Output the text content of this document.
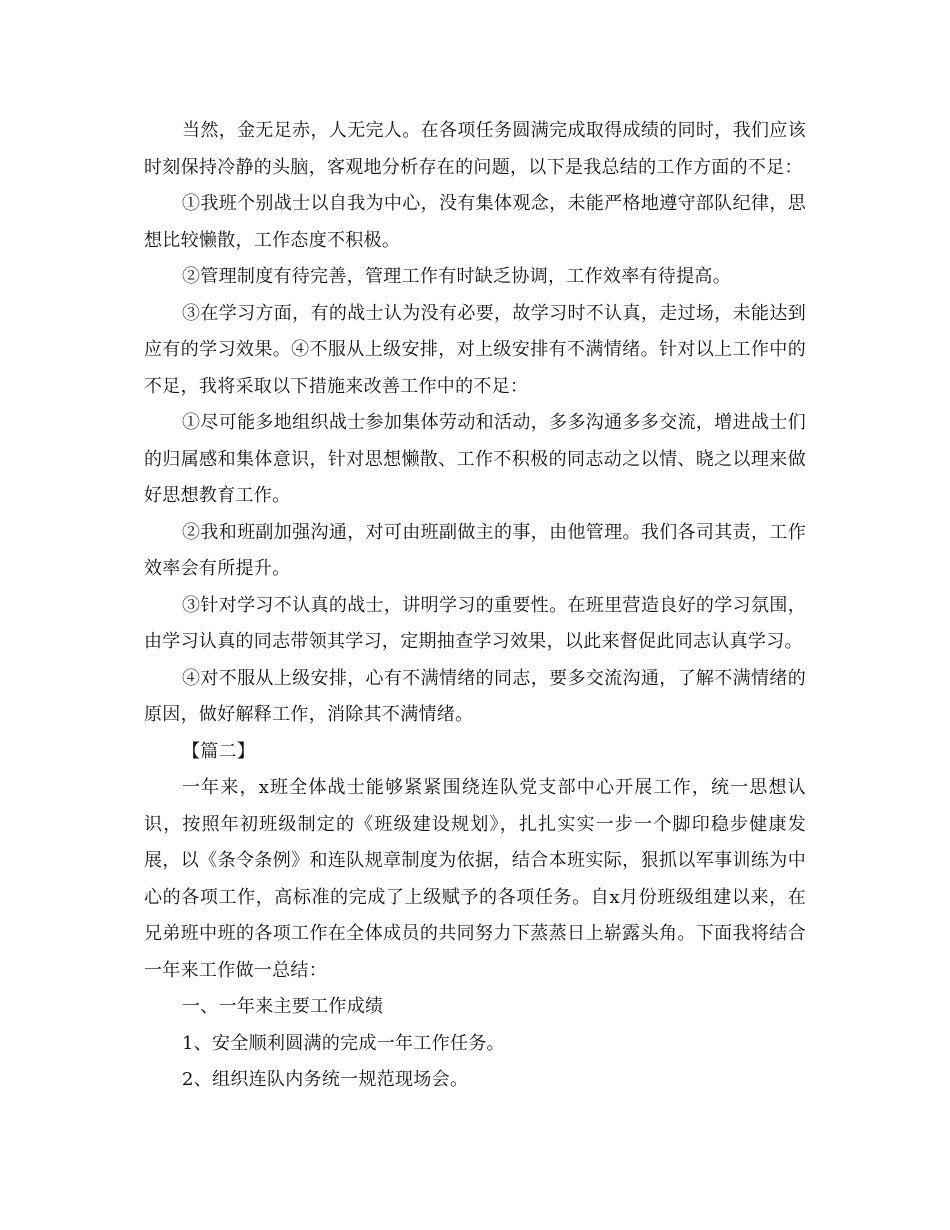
当然，金无足赤，人无完人。在各项任务圆满完成取得成绩的同时，我们应该时刻保持冷静的头脑，客观地分析存在的问题，以下是我总结的工作方面的不足：

①我班个别战士以自我为中心，没有集体观念，未能严格地遵守部队纪律，思想比较懒散，工作态度不积极。

②管理制度有待完善，管理工作有时缺乏协调，工作效率有待提高。

③在学习方面，有的战士认为没有必要，故学习时不认真，走过场，未能达到应有的学习效果。④不服从上级安排，对上级安排有不满情绪。针对以上工作中的不足，我将采取以下措施来改善工作中的不足：

①尽可能多地组织战士参加集体劳动和活动，多多沟通多多交流，增进战士们的归属感和集体意识，针对思想懒散、工作不积极的同志动之以情、晓之以理来做好思想教育工作。

②我和班副加强沟通，对可由班副做主的事，由他管理。我们各司其责，工作效率会有所提升。

③针对学习不认真的战士，讲明学习的重要性。在班里营造良好的学习氛围，由学习认真的同志带领其学习，定期抽查学习效果，以此来督促此同志认真学习。

④对不服从上级安排，心有不满情绪的同志，要多交流沟通，了解不满情绪的原因，做好解释工作，消除其不满情绪。

【篇二】

一年来，x班全体战士能够紧紧围绕连队党支部中心开展工作，统一思想认识，按照年初班级制定的《班级建设规划》，扎扎实实一步一个脚印稳步健康发展，以《条令条例》和连队规章制度为依据，结合本班实际，狠抓以军事训练为中心的各项工作，高标准的完成了上级赋予的各项任务。自x月份班级组建以来，在兄弟班中班的各项工作在全体成员的共同努力下蒸蒸日上崭露头角。下面我将结合一年来工作做一总结：

一、一年来主要工作成绩

1、安全顺利圆满的完成一年工作任务。

2、组织连队内务统一规范现场会。
